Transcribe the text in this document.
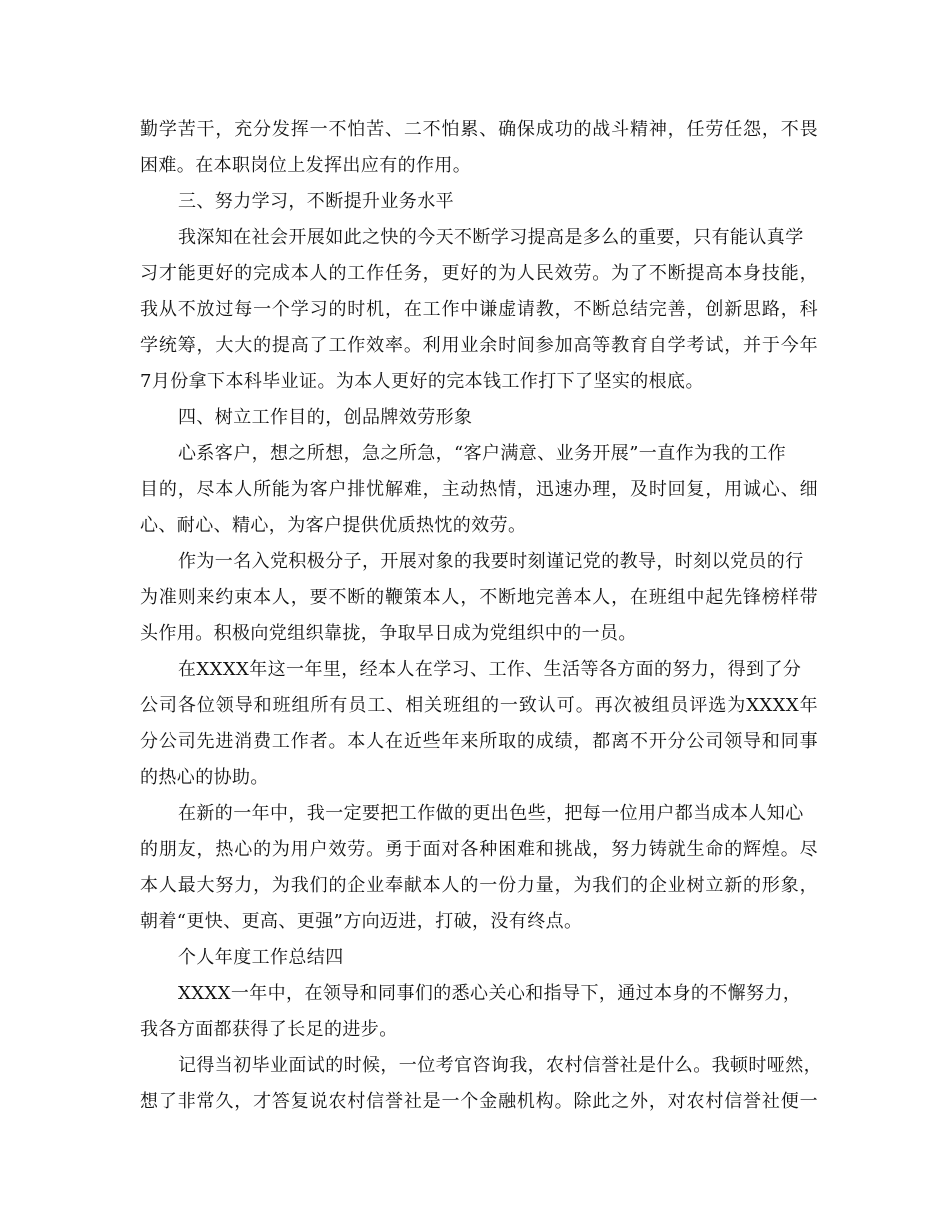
勤学苦干，充分发挥一不怕苦、二不怕累、确保成功的战斗精神，任劳任怨，不畏
困难。在本职岗位上发挥出应有的作用。
三、努力学习，不断提升业务水平
我深知在社会开展如此之快的今天不断学习提高是多么的重要，只有能认真学
习才能更好的完成本人的工作任务，更好的为人民效劳。为了不断提高本身技能，
我从不放过每一个学习的时机，在工作中谦虚请教，不断总结完善，创新思路，科
学统筹，大大的提高了工作效率。利用业余时间参加高等教育自学考试，并于今年
7月份拿下本科毕业证。为本人更好的完本钱工作打下了坚实的根底。
四、树立工作目的，创品牌效劳形象
心系客户，想之所想，急之所急，“客户满意、业务开展”一直作为我的工作
目的，尽本人所能为客户排忧解难，主动热情，迅速办理，及时回复，用诚心、细
心、耐心、精心，为客户提供优质热忱的效劳。
作为一名入党积极分子，开展对象的我要时刻谨记党的教导，时刻以党员的行
为准则来约束本人，要不断的鞭策本人，不断地完善本人，在班组中起先锋榜样带
头作用。积极向党组织靠拢，争取早日成为党组织中的一员。
在XXXX年这一年里，经本人在学习、工作、生活等各方面的努力，得到了分
公司各位领导和班组所有员工、相关班组的一致认可。再次被组员评选为XXXX年
分公司先进消费工作者。本人在近些年来所取的成绩，都离不开分公司领导和同事
的热心的协助。
在新的一年中，我一定要把工作做的更出色些，把每一位用户都当成本人知心
的朋友，热心的为用户效劳。勇于面对各种困难和挑战，努力铸就生命的辉煌。尽
本人最大努力，为我们的企业奉献本人的一份力量，为我们的企业树立新的形象，
朝着“更快、更高、更强”方向迈进，打破，没有终点。
个人年度工作总结四
XXXX一年中，在领导和同事们的悉心关心和指导下，通过本身的不懈努力，
我各方面都获得了长足的进步。
记得当初毕业面试的时候，一位考官咨询我，农村信誉社是什么。我顿时哑然，
想了非常久，才答复说农村信誉社是一个金融机构。除此之外，对农村信誉社便一
